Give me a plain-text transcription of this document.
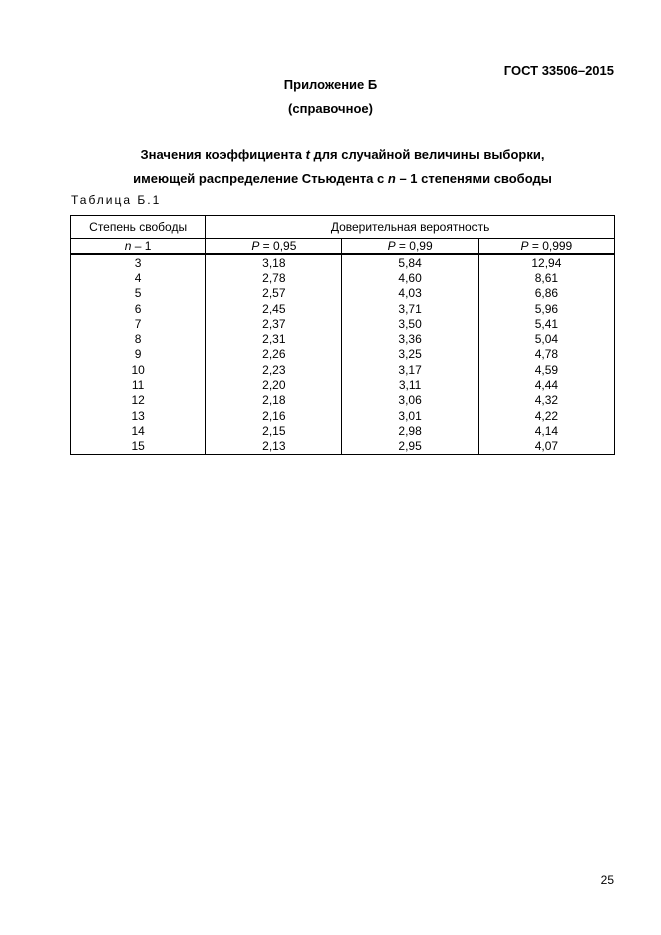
ГОСТ 33506–2015
Приложение Б
(справочное)
Значения коэффициента t для случайной величины выборки,
имеющей распределение Стьюдента с n – 1 степенями свободы
Таблица Б.1
Степень свободы	Доверительная вероятность		
n – 1	P = 0,95	P = 0,99	P = 0,999
3	3,18	5,84	12,94
4	2,78	4,60	8,61
5	2,57	4,03	6,86
6	2,45	3,71	5,96
7	2,37	3,50	5,41
8	2,31	3,36	5,04
9	2,26	3,25	4,78
10	2,23	3,17	4,59
11	2,20	3,11	4,44
12	2,18	3,06	4,32
13	2,16	3,01	4,22
14	2,15	2,98	4,14
15	2,13	2,95	4,07
25
